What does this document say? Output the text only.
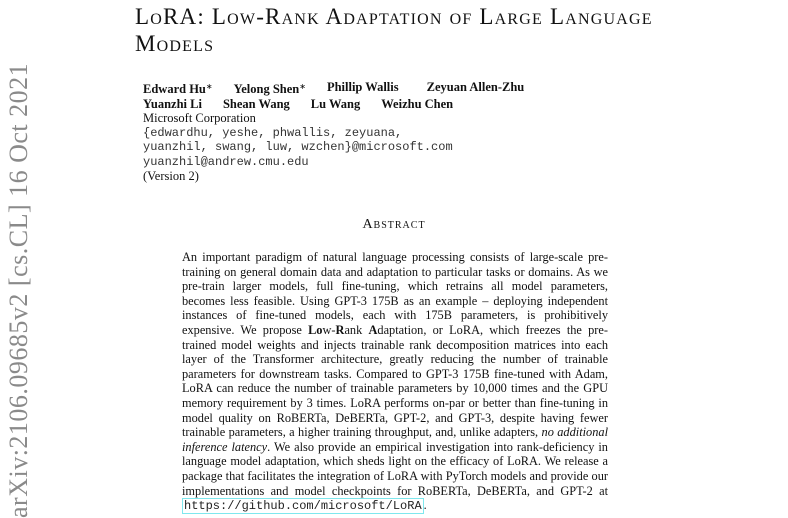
arXiv:2106.09685v2 [cs.CL] 16 Oct 2021
LoRA: Low-Rank Adaptation of Large Language Models
Edward Hu∗ Yelong Shen∗ Phillip Wallis Zeyuan Allen-Zhu
Yuanzhi Li Shean Wang Lu Wang Weizhu Chen
Microsoft Corporation
{edwardhu, yeshe, phwallis, zeyuana,
yuanzhil, swang, luw, wzchen}@microsoft.com
yuanzhil@andrew.cmu.edu
(Version 2)
Abstract
An important paradigm of natural language processing consists of large-scale pre-training on general domain data and adaptation to particular tasks or domains. As we pre-train larger models, full fine-tuning, which retrains all model parameters, becomes less feasible. Using GPT-3 175B as an example – deploying independent instances of fine-tuned models, each with 175B parameters, is prohibitively expensive. We propose Low-Rank Adaptation, or LoRA, which freezes the pre-trained model weights and injects trainable rank decomposition matrices into each layer of the Transformer architecture, greatly reducing the number of trainable parameters for downstream tasks. Compared to GPT-3 175B fine-tuned with Adam, LoRA can reduce the number of trainable parameters by 10,000 times and the GPU memory requirement by 3 times. LoRA performs on-par or better than fine-tuning in model quality on RoBERTa, DeBERTa, GPT-2, and GPT-3, despite having fewer trainable parameters, a higher training throughput, and, unlike adapters, no additional inference latency. We also provide an empirical investigation into rank-deficiency in language model adaptation, which sheds light on the efficacy of LoRA. We release a package that facilitates the integration of LoRA with PyTorch models and provide our implementations and model checkpoints for RoBERTa, DeBERTa, and GPT-2 at https://github.com/microsoft/LoRA .
